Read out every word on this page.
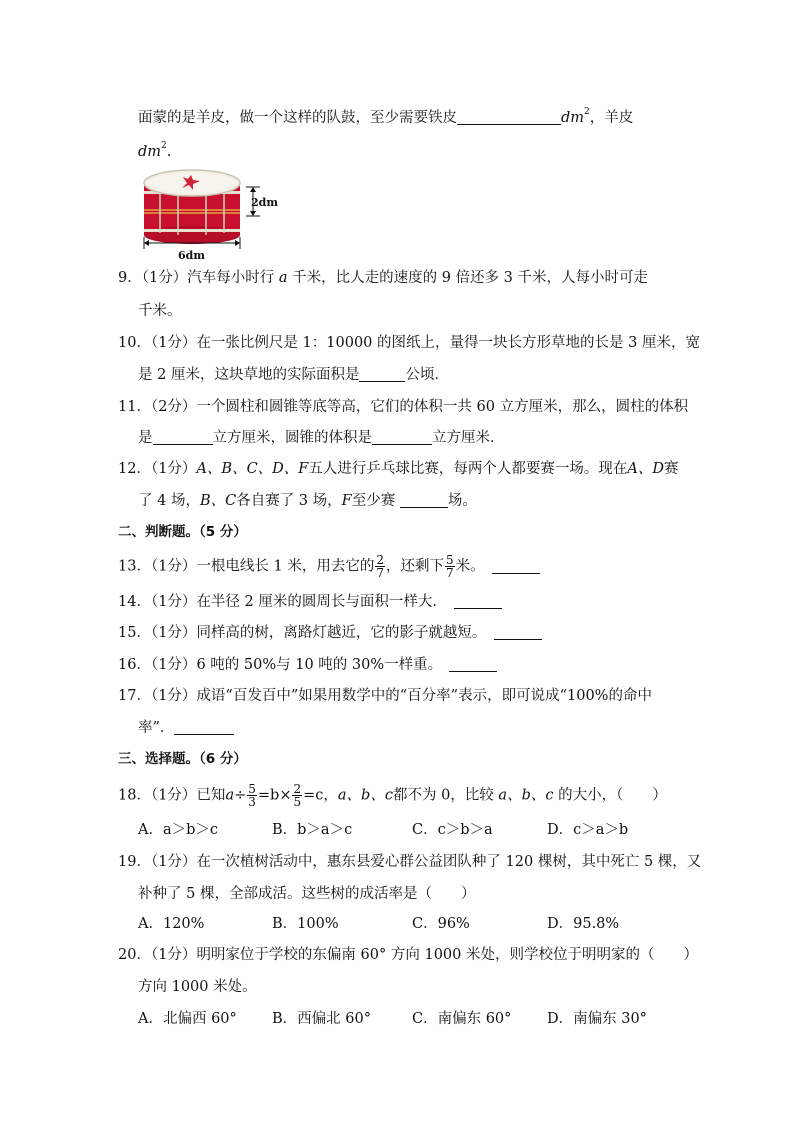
面蒙的是羊皮，做一个这样的队鼓，至少需要铁皮	$dm^2$，羊皮
$dm^2$.
2dm
6dm
9．（1分）汽车每小时行 a 千米，比人走的速度的 9 倍还多 3 千米，人每小时可走
千米。
10．（1分）在一张比例尺是 1：10000 的图纸上，量得一块长方形草地的长是 3 厘米，宽
是 2 厘米，这块草地的实际面积是	公顷．
11．（2分）一个圆柱和圆锥等底等高，它们的体积一共 60 立方厘米，那么，圆柱的体积
是	立方厘米，圆锥的体积是	立方厘米．
12．（1分）A、B、C、D、F五人进行乒乓球比赛，每两个人都要赛一场。现在A、D赛
了 4 场，B、C各自赛了 3 场，F至少赛	场。
二、判断题。（5 分）
13．（1分）一根电线长 1 米，用去它的 $\frac{2}{7}$ ，还剩下 $\frac{5}{7}$ 米。　
14．（1分）在半径 2 厘米的圆周长与面积一样大．　
15．（1分）同样高的树，离路灯越近，它的影子就越短。　
16．（1分）6 吨的 50%与 10 吨的 30%一样重。　
17．（1分）成语“百发百中”如果用数学中的“百分率”表示，即可说成“100%的命中
率”．
三、选择题。（6 分）
18．（1分）已知$a\div \frac{5}{3} =b\times \frac{2}{5} =c$，a、b、c都不为 0，比较 a、b、c 的大小，（　　）
A．a＞b＞c	B．b＞a＞c	C．c＞b＞a	D．c＞a＞b
19．（1分）在一次植树活动中，惠东县爱心群公益团队种了 120 棵树，其中死亡 5 棵，又
补种了 5 棵，全部成活。这些树的成活率是（　　）
A．120%	B．100%	C．96%	D．95.8%
20．（1分）明明家位于学校的东偏南 60° 方向 1000 米处，则学校位于明明家的（　　）
方向 1000 米处。
A．北偏西 60° B．西偏北 60°	C．南偏东 60° D．南偏东 30°
